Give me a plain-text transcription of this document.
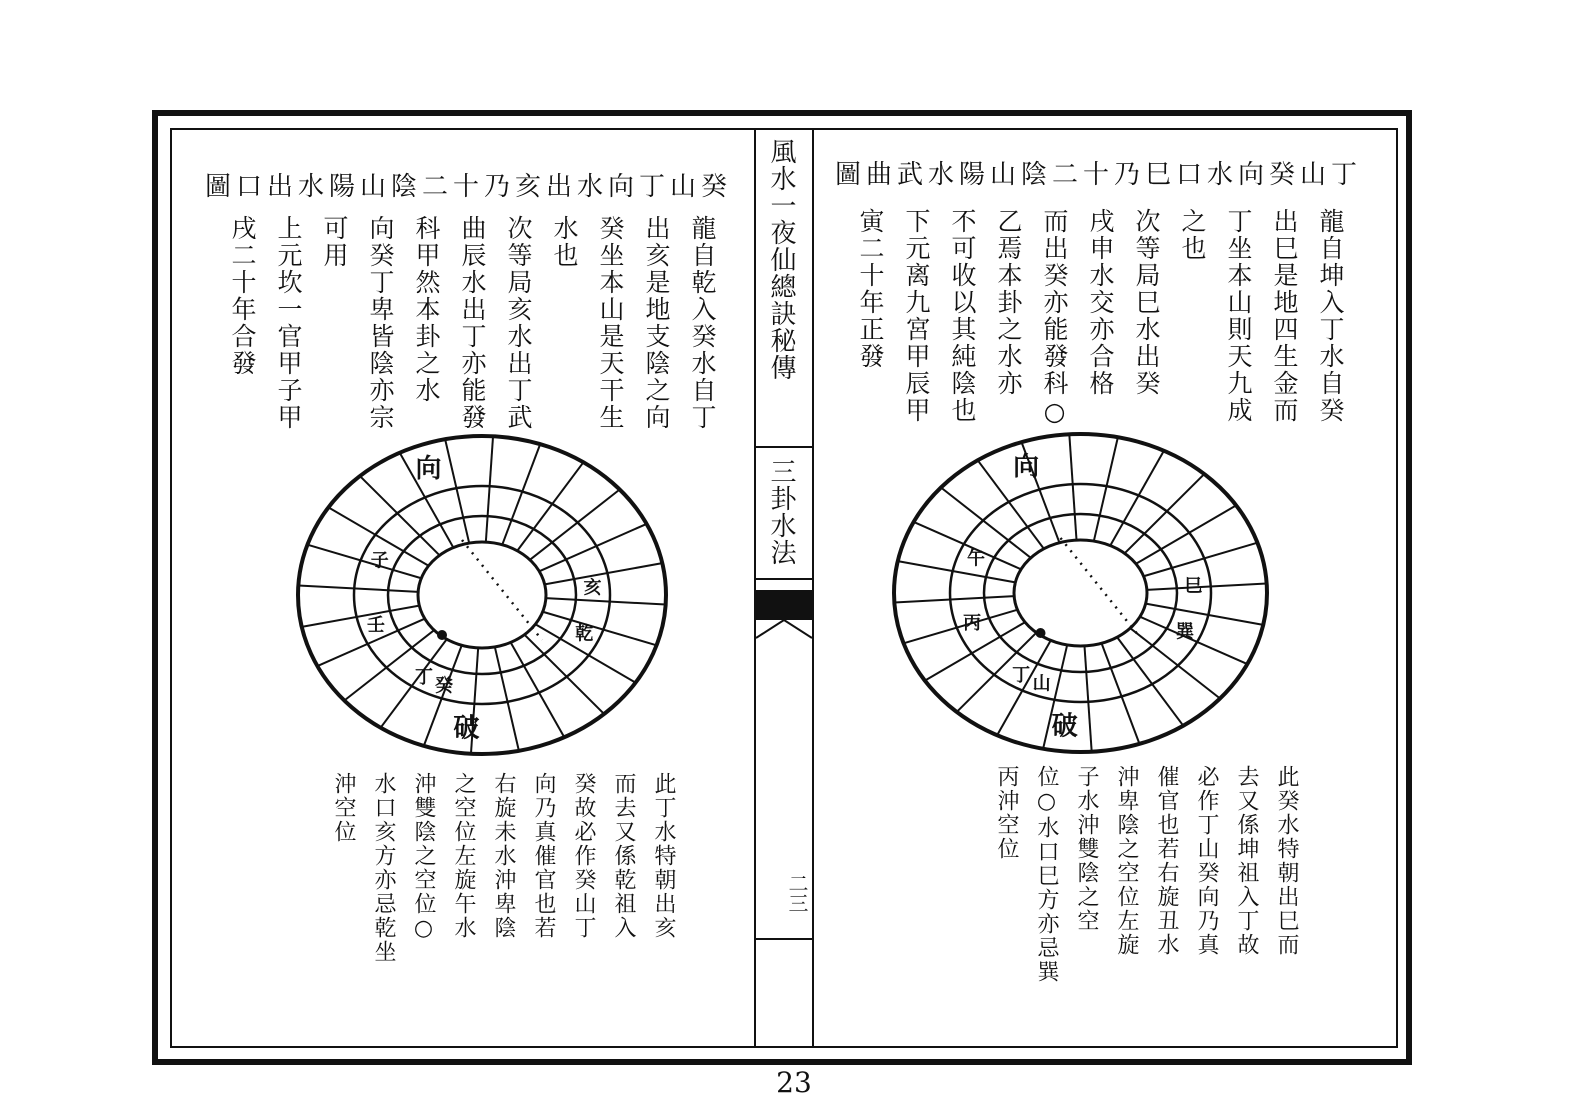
風水一夜仙總訣秘傳
三卦水法
二三
癸山丁向水出亥乃十二陰山陽水出口圖
龍自乾入癸水自丁
出亥是地支陰之向
癸坐本山是天干生
水也
次等局亥水出丁武
曲辰水出丁亦能發
科甲然本卦之水
向癸丁卑皆陰亦宗
可用
上元坎一官甲子甲
戌二十年合發
此丁水特朝出亥
而去又係乾祖入
癸故必作癸山丁
向乃真催官也若
右旋未水沖卑陰
之空位左旋午水
沖雙陰之空位○
水口亥方亦忌乾坐
沖空位
向
破
丁 癸
亥
乾
壬
子
丁山癸向水口巳乃十二陰山陽水武曲圖
龍自坤入丁水自癸
出巳是地四生金而
丁坐本山則天九成
之也
次等局巳水出癸
戌申水交亦合格
而出癸亦能發科○
乙焉本卦之水亦
不可收以其純陰也
下元离九宮甲辰甲
寅二十年正發
此癸水特朝出巳而
去又係坤祖入丁故
必作丁山癸向乃真
催官也若右旋丑水
沖卑陰之空位左旋
子水沖雙陰之空
位○水口巳方亦忌巽
丙沖空位
向
破
丁 山
巳
巽
丙
午
23
